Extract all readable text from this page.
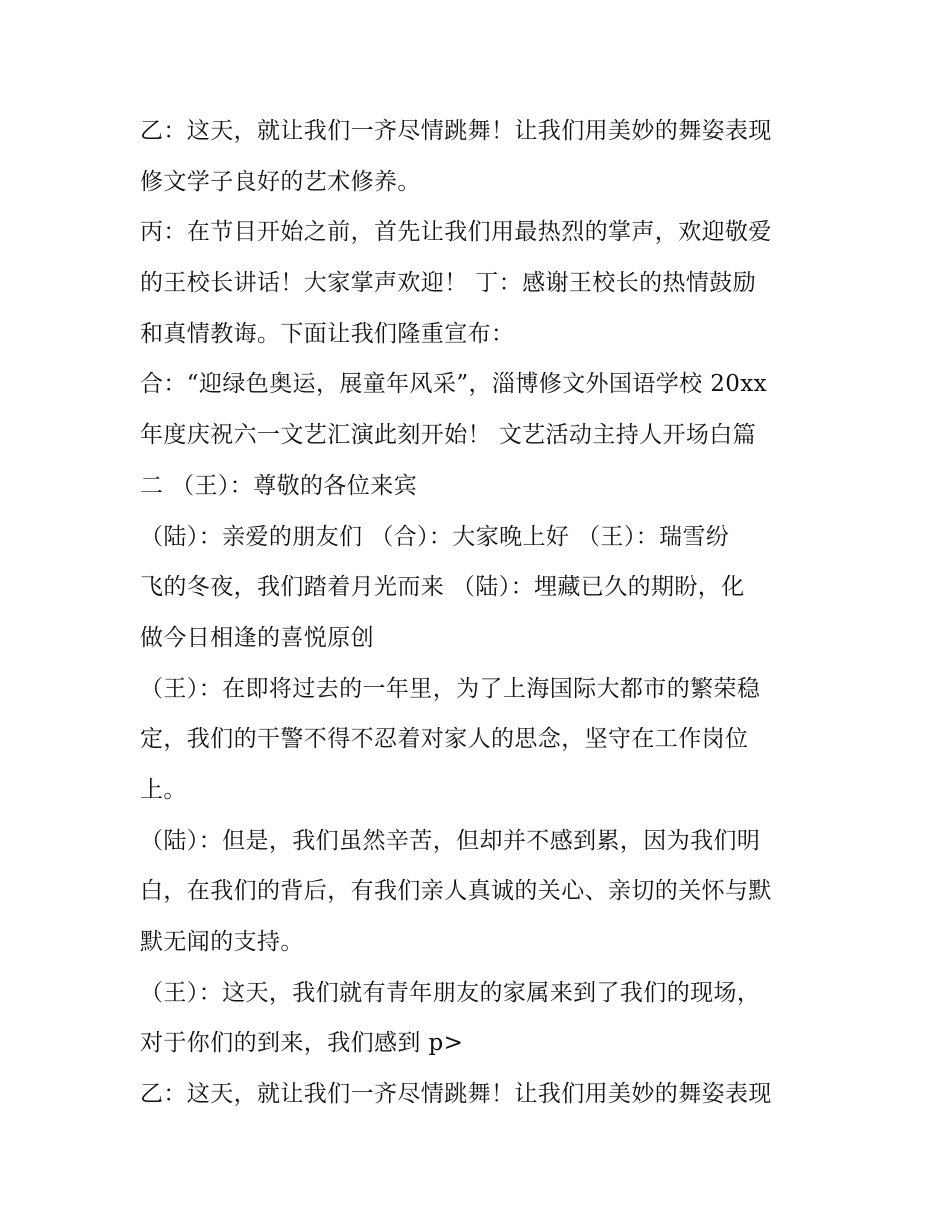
乙：这天，就让我们一齐尽情跳舞！让我们用美妙的舞姿表现
修文学子良好的艺术修养。
丙：在节目开始之前，首先让我们用最热烈的掌声，欢迎敬爱
的王校长讲话！大家掌声欢迎！ 丁：感谢王校长的热情鼓励
和真情教诲。下面让我们隆重宣布：
合：“迎绿色奥运，展童年风采”，淄博修文外国语学校 20xx
年度庆祝六一文艺汇演此刻开始！ 文艺活动主持人开场白篇
二 （王）：尊敬的各位来宾
（陆）：亲爱的朋友们 （合）：大家晚上好 （王）：瑞雪纷
飞的冬夜，我们踏着月光而来 （陆）：埋藏已久的期盼，化
做今日相逢的喜悦原创
（王）：在即将过去的一年里，为了上海国际大都市的繁荣稳
定，我们的干警不得不忍着对家人的思念，坚守在工作岗位
上。
（陆）：但是，我们虽然辛苦，但却并不感到累，因为我们明
白，在我们的背后，有我们亲人真诚的关心、亲切的关怀与默
默无闻的支持。
（王）：这天，我们就有青年朋友的家属来到了我们的现场，
对于你们的到来，我们感到 p>
乙：这天，就让我们一齐尽情跳舞！让我们用美妙的舞姿表现
